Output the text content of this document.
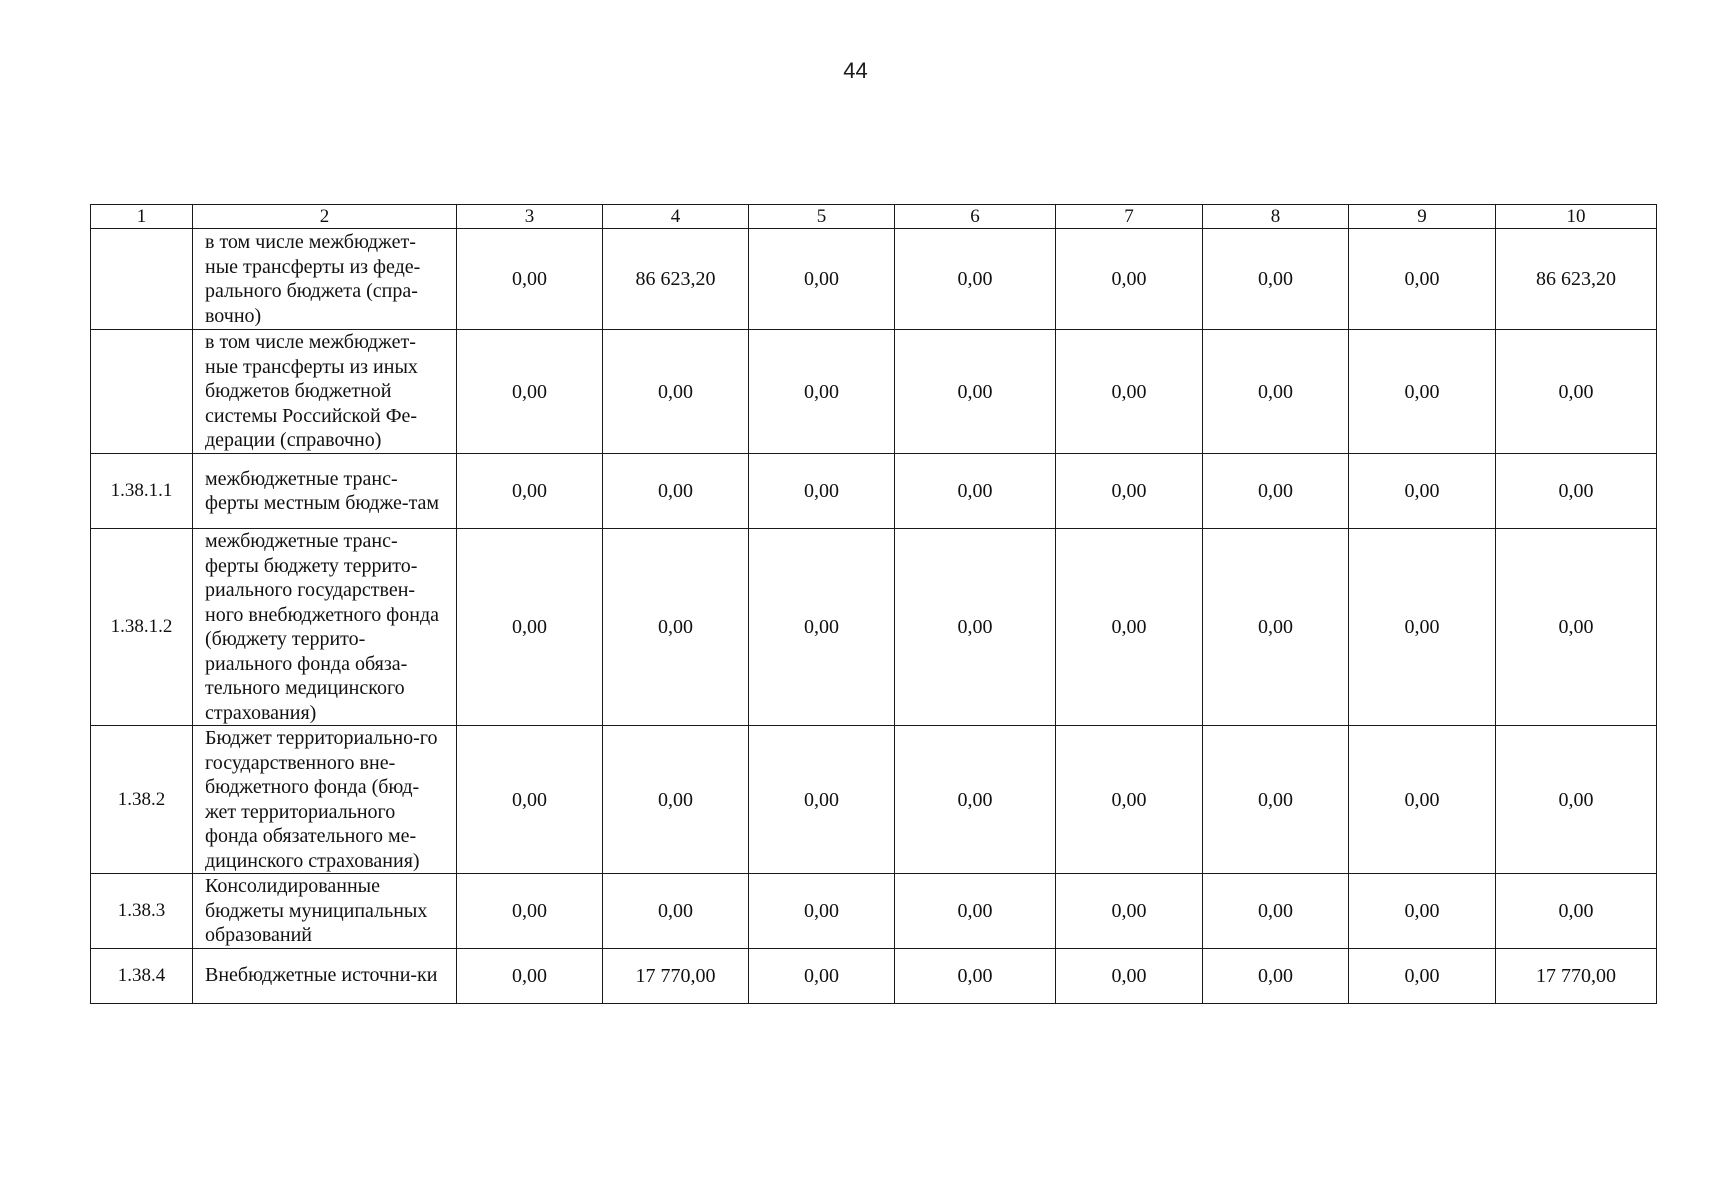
44
1	2	3	4	5	6	7	8	9	10
	в том числе межбюджет-ные трансферты из феде-рального бюджета (спра-вочно)	0,00	86 623,20	0,00	0,00	0,00	0,00	0,00	86 623,20
	в том числе межбюджет-ные трансферты из иных бюджетов бюджетной системы Российской Фе-дерации (справочно)	0,00	0,00	0,00	0,00	0,00	0,00	0,00	0,00
1.38.1.1	межбюджетные транс-ферты местным бюдже-там	0,00	0,00	0,00	0,00	0,00	0,00	0,00	0,00
1.38.1.2	межбюджетные транс-ферты бюджету террито-риального государствен-ного внебюджетного фонда (бюджету террито-риального фонда обяза-тельного медицинского страхования)	0,00	0,00	0,00	0,00	0,00	0,00	0,00	0,00
1.38.2	Бюджет территориально-го государственного вне-бюджетного фонда (бюд-жет территориального фонда обязательного ме-дицинского страхования)	0,00	0,00	0,00	0,00	0,00	0,00	0,00	0,00
1.38.3	Консолидированные бюджеты муниципальных образований	0,00	0,00	0,00	0,00	0,00	0,00	0,00	0,00
1.38.4	Внебюджетные источни-ки	0,00	17 770,00	0,00	0,00	0,00	0,00	0,00	17 770,00
